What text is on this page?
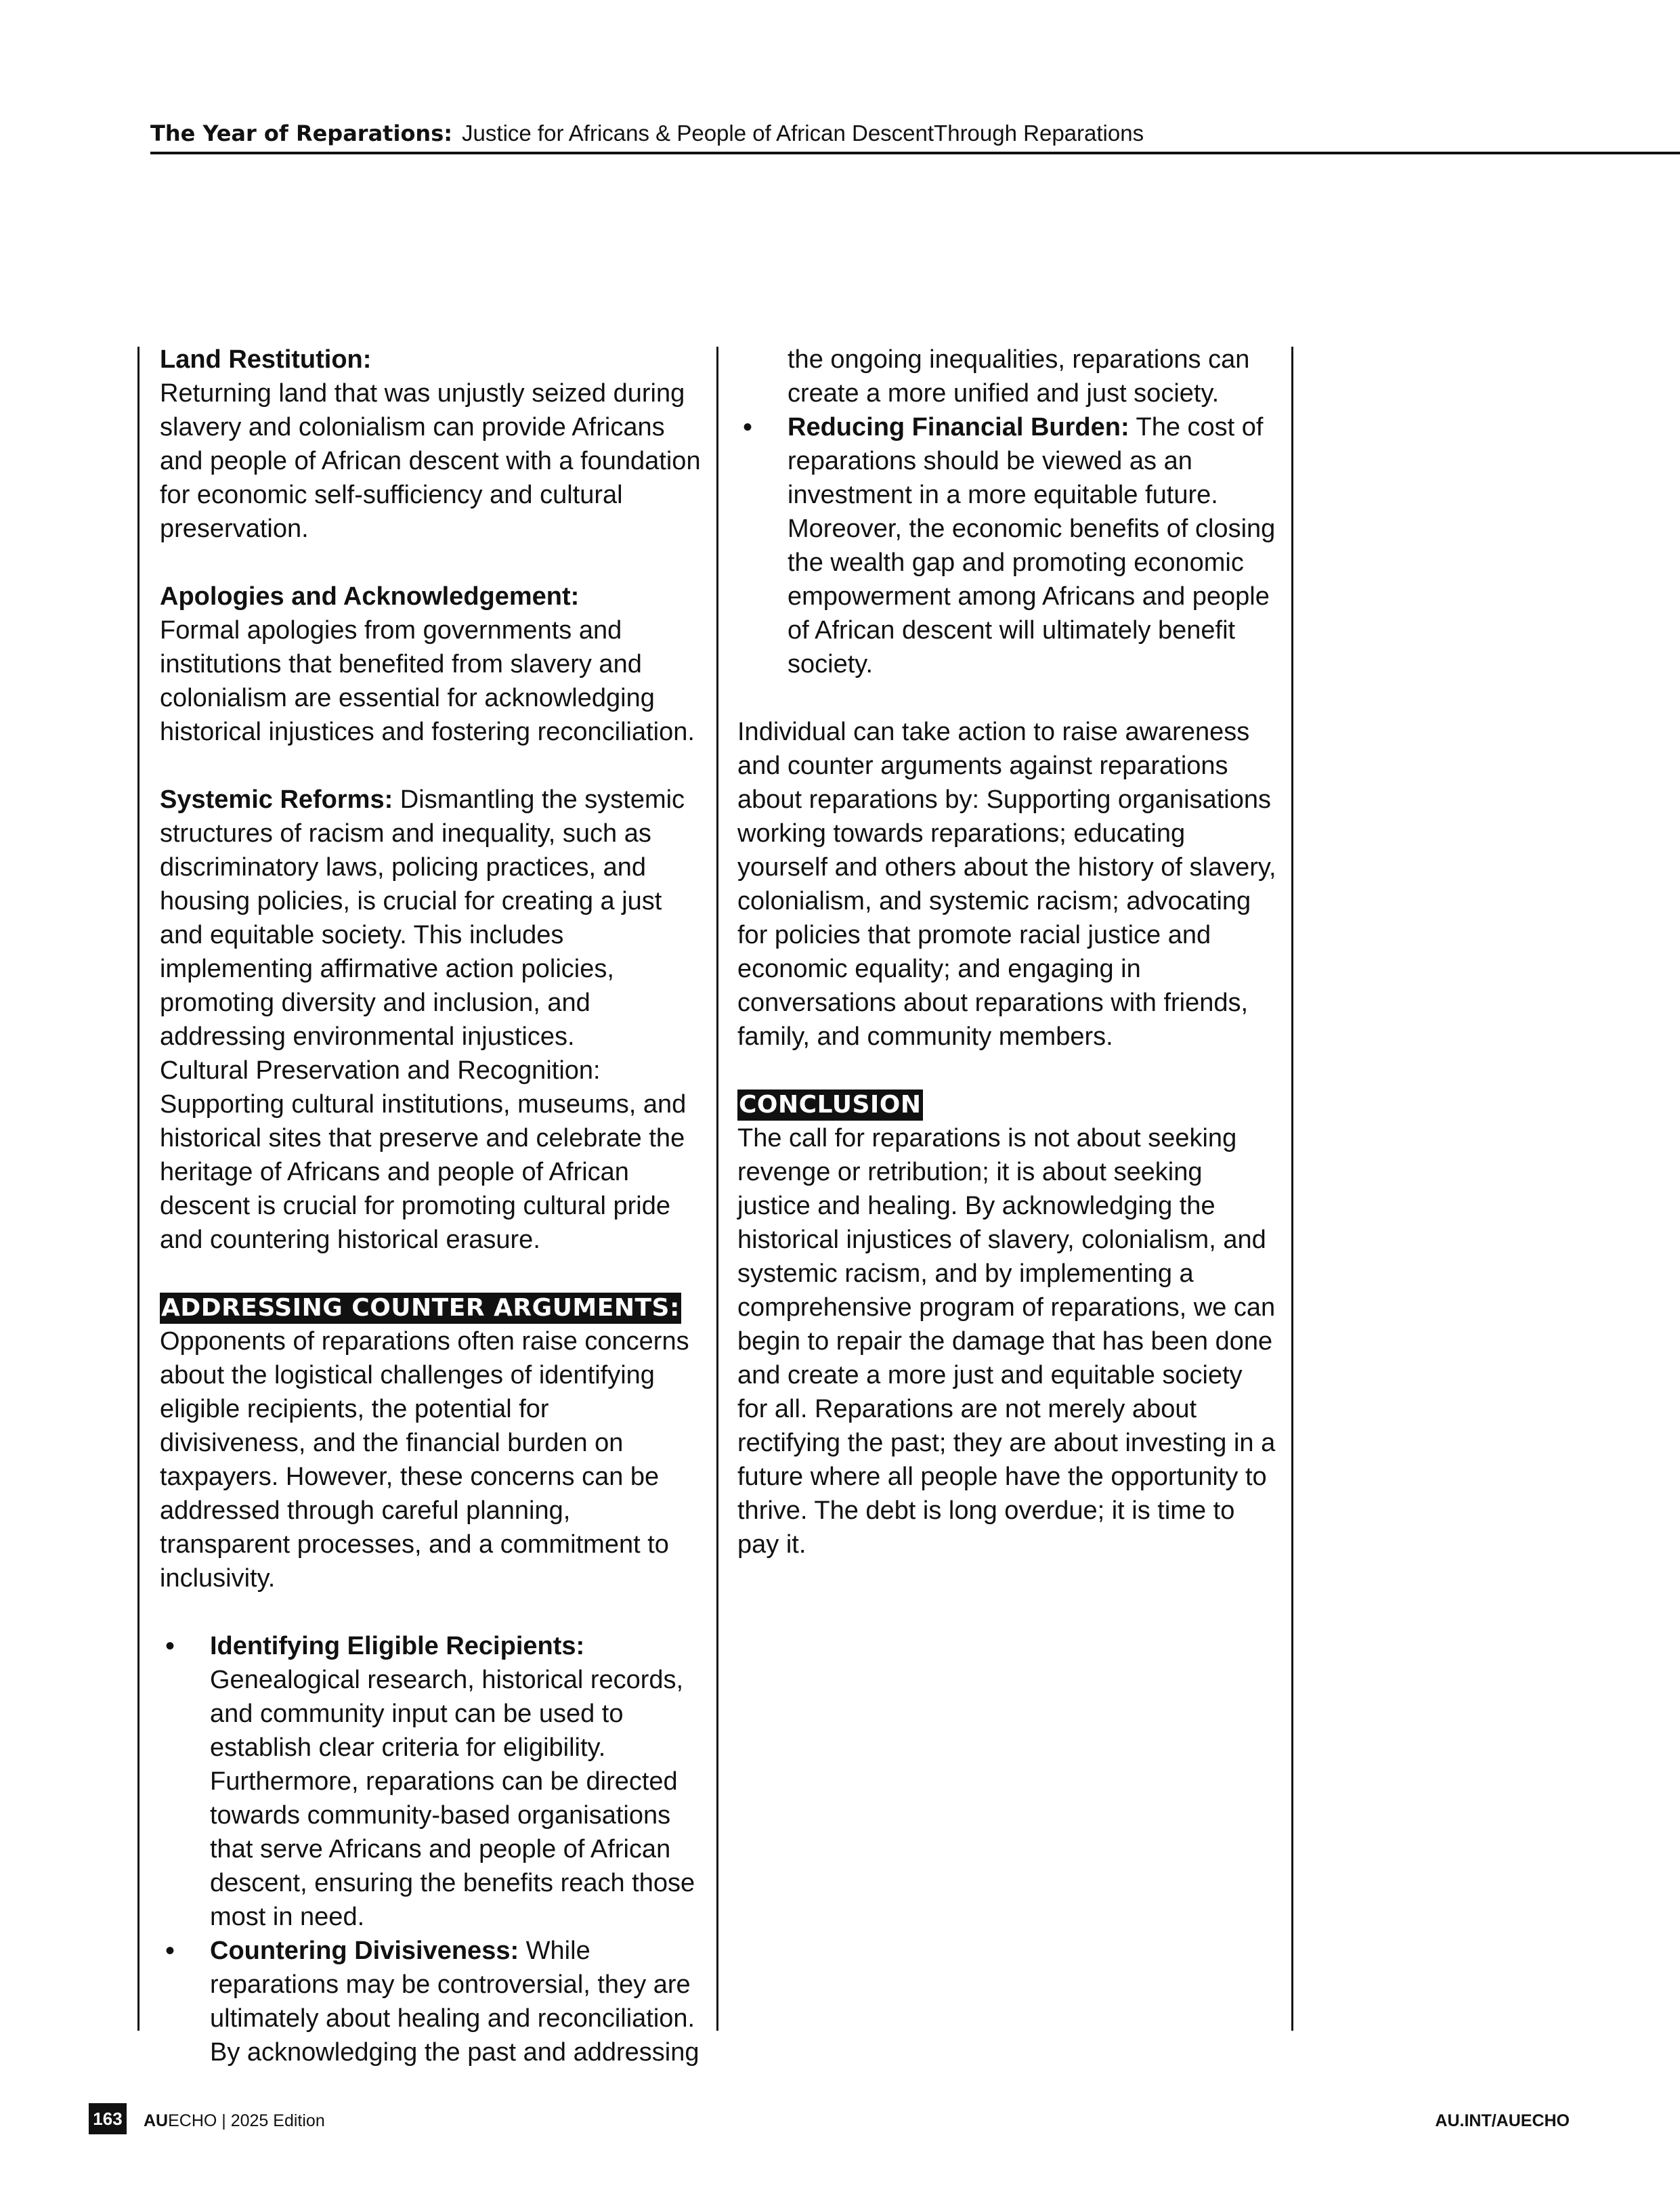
The Year of Reparations: Justice for Africans & People of African DescentThrough Reparations

Land Restitution:

Returning land that was unjustly seized during slavery and colonialism can provide Africans and people of African descent with a foundation for economic self-sufficiency and cultural preservation.

Apologies and Acknowledgement:

Formal apologies from governments and institutions that benefited from slavery and colonialism are essential for acknowledging historical injustices and fostering reconciliation.

Systemic Reforms: Dismantling the systemic structures of racism and inequality, such as discriminatory laws, policing practices, and housing policies, is crucial for creating a just and equitable society. This includes implementing affirmative action policies, promoting diversity and inclusion, and addressing environmental injustices.

Cultural Preservation and Recognition: Supporting cultural institutions, museums, and historical sites that preserve and celebrate the heritage of Africans and people of African descent is crucial for promoting cultural pride and countering historical erasure.

ADDRESSING COUNTER ARGUMENTS:

Opponents of reparations often raise concerns about the logistical challenges of identifying eligible recipients, the potential for divisiveness, and the financial burden on taxpayers. However, these concerns can be addressed through careful planning, transparent processes, and a commitment to inclusivity.

• Identifying Eligible Recipients:
Genealogical research, historical records, and community input can be used to establish clear criteria for eligibility. Furthermore, reparations can be directed towards community-based organisations that serve Africans and people of African descent, ensuring the benefits reach those most in need.
• Countering Divisiveness: While reparations may be controversial, they are ultimately about healing and reconciliation. By acknowledging the past and addressing
the ongoing inequalities, reparations can create a more unified and just society.
• Reducing Financial Burden: The cost of reparations should be viewed as an investment in a more equitable future. Moreover, the economic benefits of closing the wealth gap and promoting economic empowerment among Africans and people of African descent will ultimately benefit society.

Individual can take action to raise awareness and counter arguments against reparations about reparations by: Supporting organisations working towards reparations; educating yourself and others about the history of slavery, colonialism, and systemic racism; advocating for policies that promote racial justice and economic equality; and engaging in conversations about reparations with friends, family, and community members.

CONCLUSION

The call for reparations is not about seeking revenge or retribution; it is about seeking justice and healing. By acknowledging the historical injustices of slavery, colonialism, and systemic racism, and by implementing a comprehensive program of reparations, we can begin to repair the damage that has been done and create a more just and equitable society for all. Reparations are not merely about rectifying the past; they are about investing in a future where all people have the opportunity to thrive. The debt is long overdue; it is time to pay it.

163 AUECHO | 2025 Edition	AU.INT/AUECHO
